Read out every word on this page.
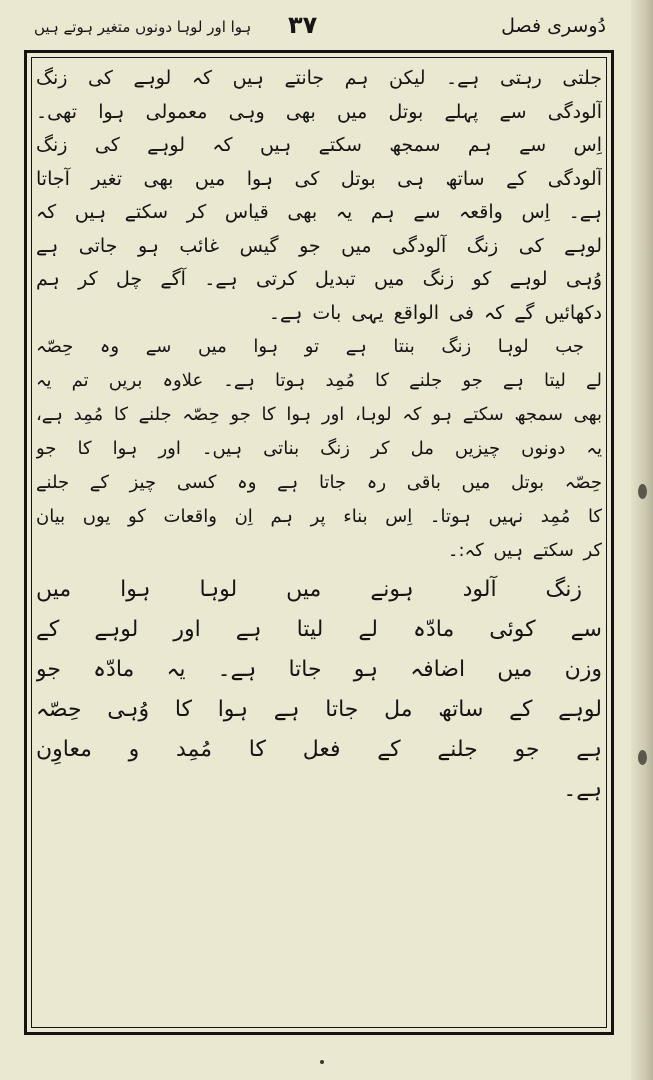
دُوسری فصل
۳۷
ہوا اور لوہا دونوں متغیر ہوتے ہیں
جلتی رہتی ہے۔ لیکن ہم جانتے ہیں کہ لوہے کی زنگ
آلودگی سے پہلے بوتل میں بھی وہی معمولی ہوا تھی۔
اِس سے ہم سمجھ سکتے ہیں کہ لوہے کی زنگ
آلودگی کے ساتھ ہی بوتل کی ہوا میں بھی تغیر آجاتا
ہے۔ اِس واقعہ سے ہم یہ بھی قیاس کر سکتے ہیں کہ
لوہے کی زنگ آلودگی میں جو گیس غائب ہو جاتی ہے
وُہی لوہے کو زنگ میں تبدیل کرتی ہے۔ آگے چل کر ہم
دکھائیں گے کہ فی الواقع یہی بات ہے۔
جب لوہا زنگ بنتا ہے تو ہوا میں سے وہ حِصّہ
لے لیتا ہے جو جلنے کا مُمِد ہوتا ہے۔ علاوہ بریں تم یہ
بھی سمجھ سکتے ہو کہ لوہا، اور ہوا کا جو حِصّہ جلنے کا مُمِد ہے،
یہ دونوں چیزیں مل کر زنگ بناتی ہیں۔ اور ہوا کا جو
حِصّہ بوتل میں باقی رہ جاتا ہے وہ کسی چیز کے جلنے
کا مُمِد نہیں ہوتا۔ اِس بناء پر ہم اِن واقعات کو یوں بیان
کر سکتے ہیں کہ:۔
زنگ آلود ہونے میں لوہا ہوا میں
سے کوئی مادّہ لے لیتا ہے اور لوہے کے
وزن میں اضافہ ہو جاتا ہے۔ یہ مادّہ جو
لوہے کے ساتھ مل جاتا ہے ہوا کا وُہی حِصّہ
ہے جو جلنے کے فعل کا مُمِد و معاوِن
ہے۔
